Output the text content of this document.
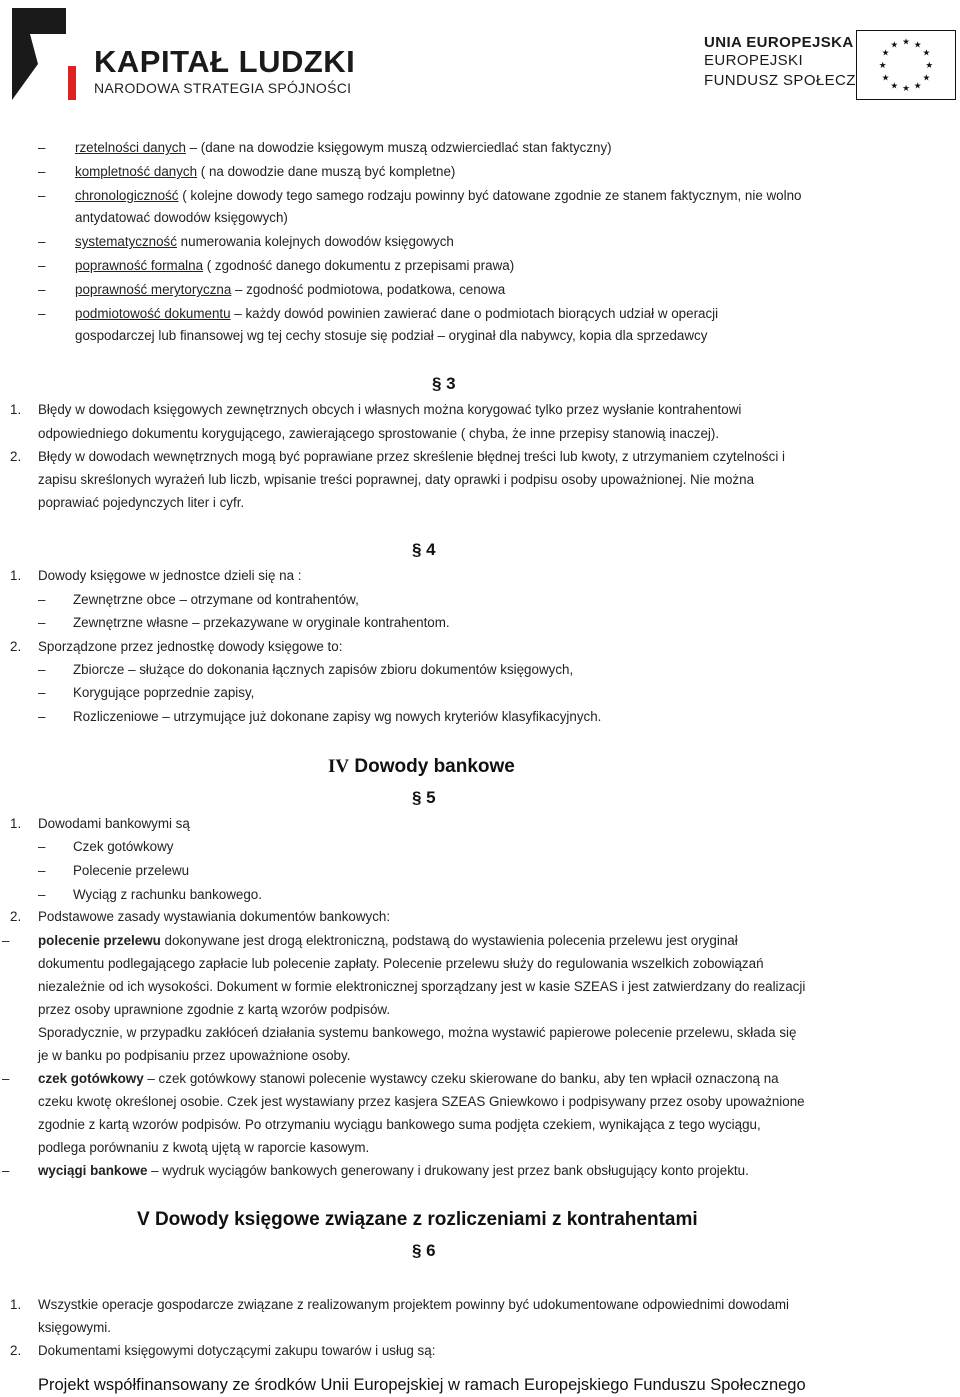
KAPITAŁ LUDZKI
NARODOWA STRATEGIA SPÓJNOŚCI
UNIA EUROPEJSKA
EUROPEJSKI
FUNDUSZ SPOŁECZNY
★ ★
★
★
★
★
★
★
★
★
★
★
– rzetelności danych – (dane na dowodzie księgowym muszą odzwierciedlać stan faktyczny)
– kompletność danych ( na dowodzie dane muszą być kompletne)
– chronologiczność ( kolejne dowody tego samego rodzaju powinny być datowane zgodnie ze stanem faktycznym, nie wolno
antydatować dowodów księgowych)
– systematyczność numerowania kolejnych dowodów księgowych
– poprawność formalna ( zgodność danego dokumentu z przepisami prawa)
– poprawność merytoryczna – zgodność podmiotowa, podatkowa, cenowa
– podmiotowość dokumentu – każdy dowód powinien zawierać dane o podmiotach biorących udział w operacji
gospodarczej lub finansowej wg tej cechy stosuje się podział – oryginał dla nabywcy, kopia dla sprzedawcy
§ 3
1. Błędy w dowodach księgowych zewnętrznych obcych i własnych można korygować tylko przez wysłanie kontrahentowi
odpowiedniego dokumentu korygującego, zawierającego sprostowanie ( chyba, że inne przepisy stanowią inaczej).
2. Błędy w dowodach wewnętrznych mogą być poprawiane przez skreślenie błędnej treści lub kwoty, z utrzymaniem czytelności i
zapisu skreślonych wyrażeń lub liczb, wpisanie treści poprawnej, daty oprawki i podpisu osoby upoważnionej. Nie można
poprawiać pojedynczych liter i cyfr.
§ 4
1. Dowody księgowe w jednostce dzieli się na :
– Zewnętrzne obce – otrzymane od kontrahentów,
– Zewnętrzne własne – przekazywane w oryginale kontrahentom.
2. Sporządzone przez jednostkę dowody księgowe to:
– Zbiorcze – służące do dokonania łącznych zapisów zbioru dokumentów księgowych,
– Korygujące poprzednie zapisy,
– Rozliczeniowe – utrzymujące już dokonane zapisy wg nowych kryteriów klasyfikacyjnych.
IV Dowody bankowe
§ 5
1. Dowodami bankowymi są
– Czek gotówkowy
– Polecenie przelewu
– Wyciąg z rachunku bankowego.
2. Podstawowe zasady wystawiania dokumentów bankowych:
– polecenie przelewu dokonywane jest drogą elektroniczną, podstawą do wystawienia polecenia przelewu jest oryginał
dokumentu podlegającego zapłacie lub polecenie zapłaty. Polecenie przelewu służy do regulowania wszelkich zobowiązań
niezależnie od ich wysokości. Dokument w formie elektronicznej sporządzany jest w kasie SZEAS i jest zatwierdzany do realizacji
przez osoby uprawnione zgodnie z kartą wzorów podpisów.
Sporadycznie, w przypadku zakłóceń działania systemu bankowego, można wystawić papierowe polecenie przelewu, składa się
je w banku po podpisaniu przez upoważnione osoby.
– czek gotówkowy – czek gotówkowy stanowi polecenie wystawcy czeku skierowane do banku, aby ten wpłacił oznaczoną na
czeku kwotę określonej osobie. Czek jest wystawiany przez kasjera SZEAS Gniewkowo i podpisywany przez osoby upoważnione
zgodnie z kartą wzorów podpisów. Po otrzymaniu wyciągu bankowego suma podjęta czekiem, wynikająca z tego wyciągu,
podlega porównaniu z kwotą ujętą w raporcie kasowym.
– wyciągi bankowe – wydruk wyciągów bankowych generowany i drukowany jest przez bank obsługujący konto projektu.
V Dowody księgowe związane z rozliczeniami z kontrahentami
§ 6
1. Wszystkie operacje gospodarcze związane z realizowanym projektem powinny być udokumentowane odpowiednimi dowodami
księgowymi.
2. Dokumentami księgowymi dotyczącymi zakupu towarów i usług są:
Projekt współfinansowany ze środków Unii Europejskiej w ramach Europejskiego Funduszu Społecznego
